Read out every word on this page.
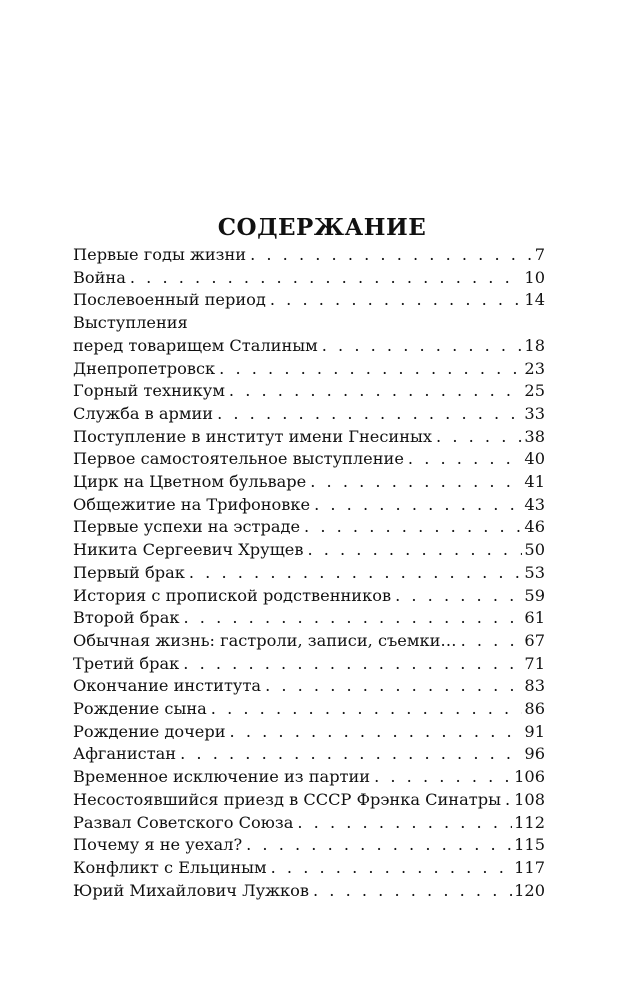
СОДЕРЖАНИЕ
Первые годы жизни . . .	7
Война . . .	10
Послевоенный период . . .	14
Выступления
перед товарищем Сталиным . . .	18
Днепропетровск . . .	23
Горный техникум . . .	25
Служба в армии . . .	33
Поступление в институт имени Гнесиных . . .	38
Первое самостоятельное выступление . . .	40
Цирк на Цветном бульваре . . .	41
Общежитие на Трифоновке . . .	43
Первые успехи на эстраде . . .	46
Никита Сергеевич Хрущев . . .	50
Первый брак . . .	53
История с пропиской родственников . . .	59
Второй брак . . .	61
Обычная жизнь: гастроли, записи, съемки… . . .	67
Третий брак . . .	71
Окончание института . . .	83
Рождение сына . . .	86
Рождение дочери . . .	91
Афганистан . . .	96
Временное исключение из партии . . .	106
Несостоявшийся приезд в СССР Фрэнка Синатры . . . 108
Развал Советского Союза . . .	112
Почему я не уехал? . . .	115
Конфликт с Ельциным . . .	117
Юрий Михайлович Лужков . . .	120
